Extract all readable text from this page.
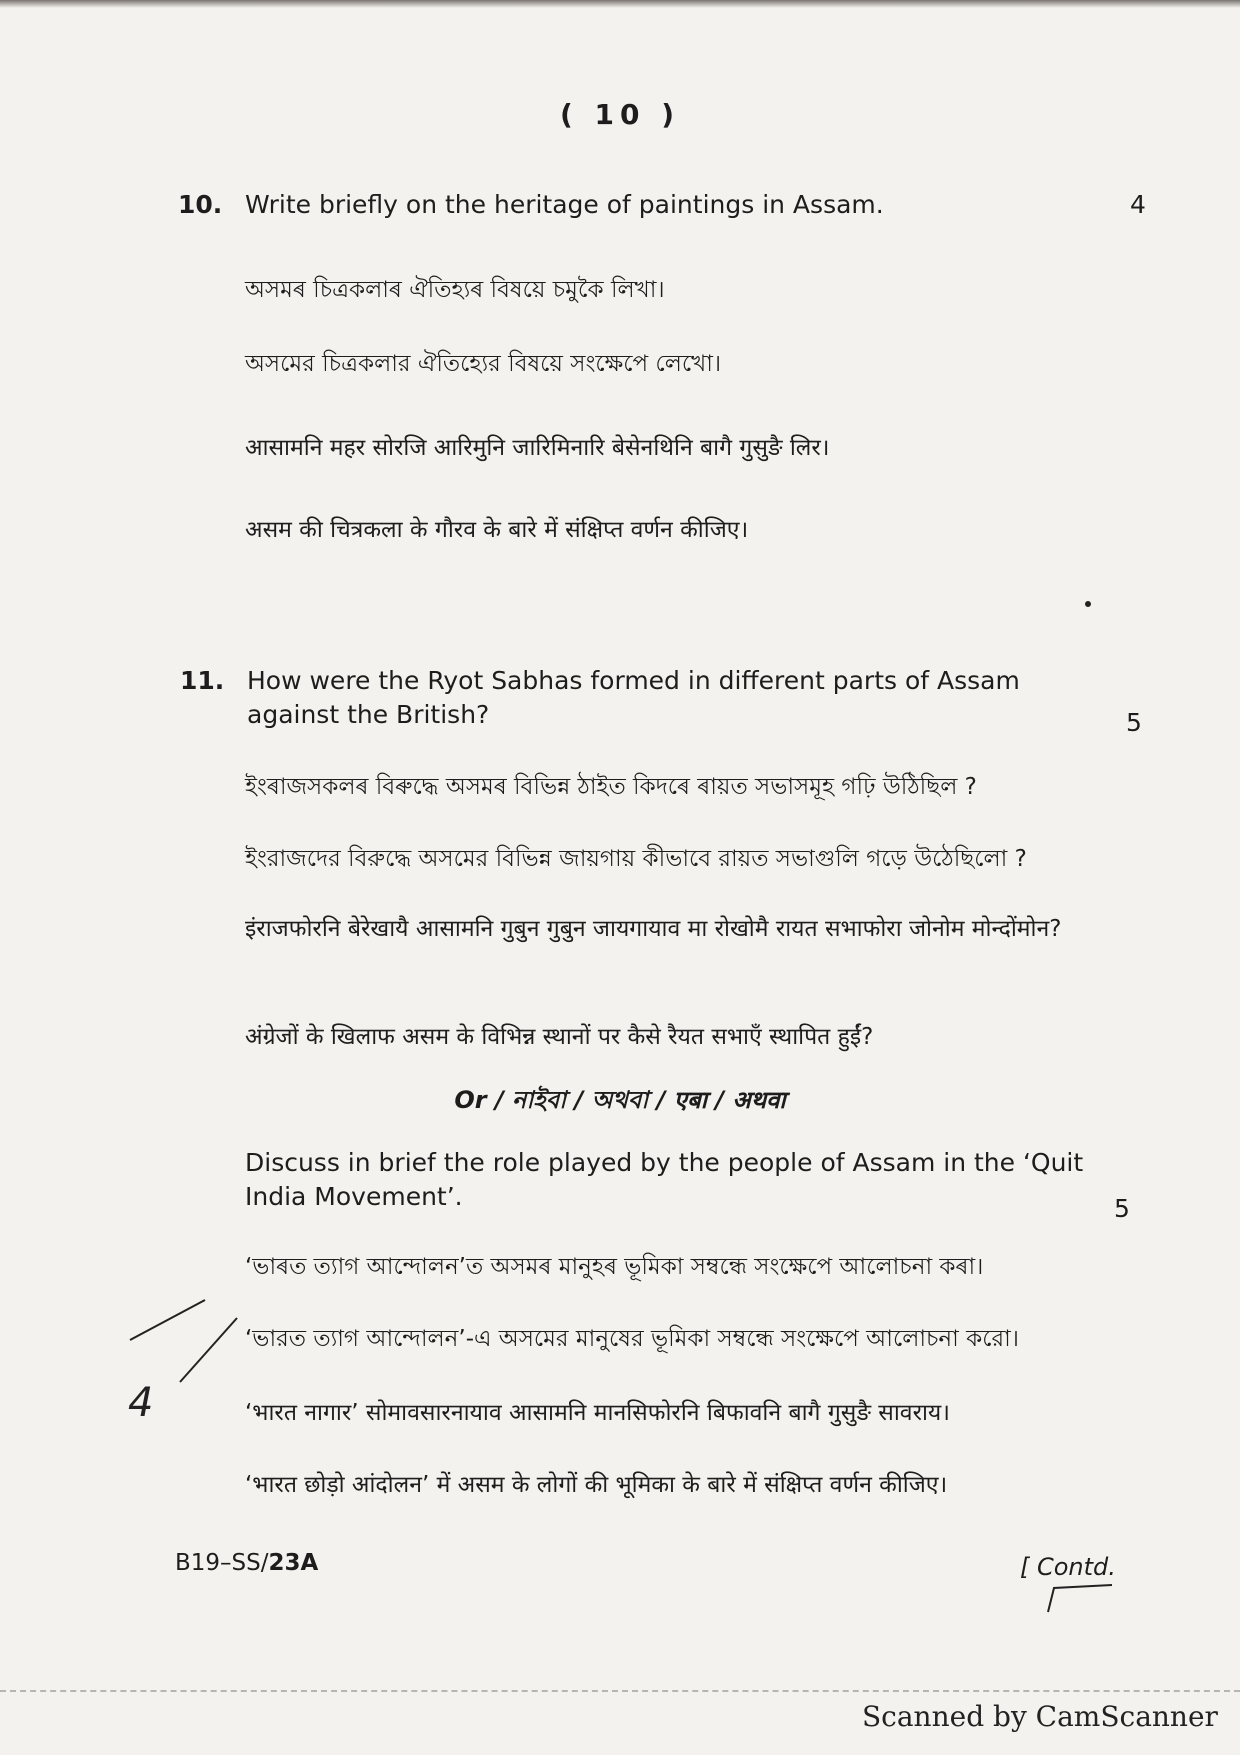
( 10 )
10. Write briefly on the heritage of paintings in Assam.	4
অসমৰ চিত্ৰকলাৰ ঐতিহ্যৰ বিষয়ে চমুকৈ লিখা।
অসমের চিত্রকলার ঐতিহ্যের বিষয়ে সংক্ষেপে লেখো।
आसामनि महर सोरजि आरिमुनि जारिमिनारि बेसेनथिनि बागै गुसुङै लिर।
असम की चित्रकला के गौरव के बारे में संक्षिप्त वर्णन कीजिए।
11. How were the Ryot Sabhas formed in different parts of Assam against the British?	5
ইংৰাজসকলৰ বিৰুদ্ধে অসমৰ বিভিন্ন ঠাইত কিদৰে ৰায়ত সভাসমূহ গঢ়ি উঠিছিল ?
ইংরাজদের বিরুদ্ধে অসমের বিভিন্ন জায়গায় কীভাবে রায়ত সভাগুলি গড়ে উঠেছিলো ?
इंराजफोरनि बेरेखायै आसामनि गुबुन गुबुन जायगायाव मा रोखोमै रायत सभाफोरा जोनोम मोन्दोंमोन?
अंग्रेजों के खिलाफ असम के विभिन्न स्थानों पर कैसे रैयत सभाएँ स्थापित हुईं?
Or / নাইবা / অথবা / एबा / अथवा
Discuss in brief the role played by the people of Assam in the ‘Quit India Movement’.	5
‘ভাৰত ত্যাগ আন্দোলন’ত অসমৰ মানুহৰ ভূমিকা সম্বন্ধে সংক্ষেপে আলোচনা কৰা।
‘ভারত ত্যাগ আন্দোলন’-এ অসমের মানুষের ভূমিকা সম্বন্ধে সংক্ষেপে আলোচনা করো।
‘भारत नागार’ सोमावसारनायाव आसामनि मानसिफोरनि बिफावनि बागै गुसुङै सावराय।
‘भारत छोड़ो आंदोलन’ में असम के लोगों की भूमिका के बारे में संक्षिप्त वर्णन कीजिए।
4
B19–SS/23A	[ Contd.
Scanned by CamScanner
